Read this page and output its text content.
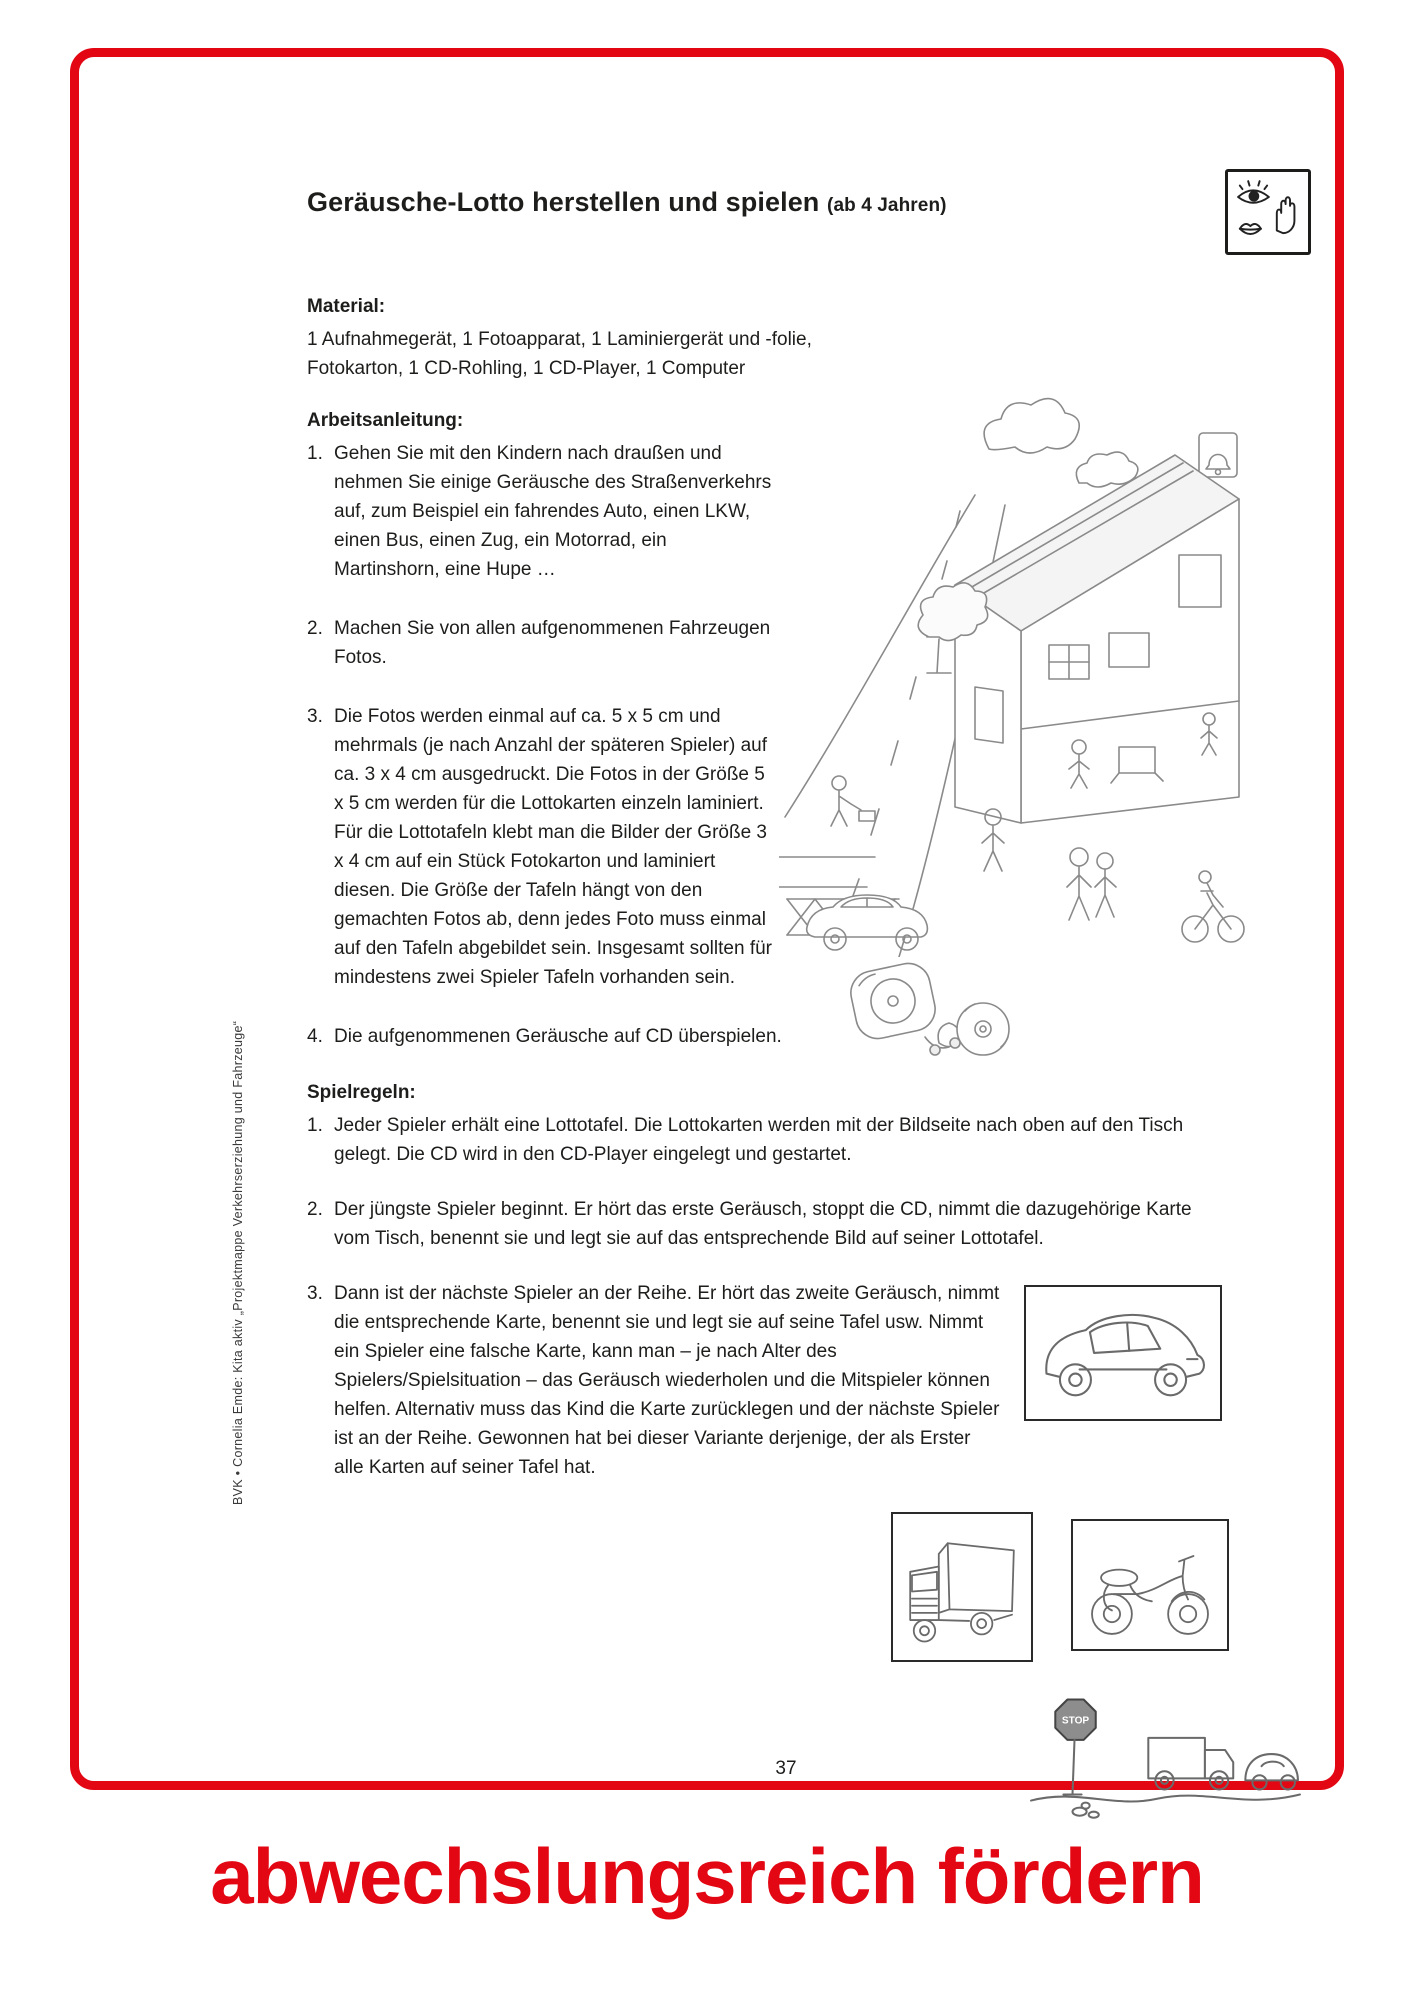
Geräusche-Lotto herstellen und spielen (ab 4 Jahren)
Material:
1 Aufnahmegerät, 1 Fotoapparat, 1 Laminiergerät und -folie,
Fotokarton, 1 CD-Rohling, 1 CD-Player, 1 Computer
Arbeitsanleitung:
1. Gehen Sie mit den Kindern nach draußen und nehmen Sie einige Geräusche des Straßenverkehrs auf, zum Beispiel ein fahrendes Auto, einen LKW, einen Bus, einen Zug, ein Motorrad, ein Martinshorn, eine Hupe …

2. Machen Sie von allen aufgenommenen Fahrzeugen Fotos.

3. Die Fotos werden einmal auf ca. 5 x 5 cm und mehrmals (je nach Anzahl der späteren Spieler) auf ca. 3 x 4 cm ausgedruckt. Die Fotos in der Größe 5 x 5 cm werden für die Lottokarten einzeln laminiert. Für die Lottotafeln klebt man die Bilder der Größe 3 x 4 cm auf ein Stück Fotokarton und laminiert diesen. Die Größe der Tafeln hängt von den gemachten Fotos ab, denn jedes Foto muss einmal auf den Tafeln abgebildet sein. Insgesamt sollten für mindestens zwei Spieler Tafeln vorhanden sein.

4. Die aufgenommenen Geräusche auf CD überspielen.

Spielregeln:
1. Jeder Spieler erhält eine Lottotafel. Die Lottokarten werden mit der Bildseite nach oben auf den Tisch gelegt. Die CD wird in den CD-Player eingelegt und gestartet.

2. Der jüngste Spieler beginnt. Er hört das erste Geräusch, stoppt die CD, nimmt die dazugehörige Karte vom Tisch, benennt sie und legt sie auf das entsprechende Bild auf seiner Lottotafel.

3. Dann ist der nächste Spieler an der Reihe. Er hört das zweite Geräusch, nimmt die entsprechende Karte, benennt sie und legt sie auf seine Tafel usw. Nimmt ein Spieler eine falsche Karte, kann man – je nach Alter des Spielers/Spielsituation – das Geräusch wiederholen und die Mitspieler können helfen. Alternativ muss das Kind die Karte zurücklegen und der nächste Spieler ist an der Reihe. Gewonnen hat bei dieser Variante derjenige, der als Erster alle Karten auf seiner Tafel hat.

STOP
37
BVK • Cornelia Emde: Kita aktiv „Projektmappe Verkehrserziehung und Fahrzeuge“
abwechslungsreich fördern
